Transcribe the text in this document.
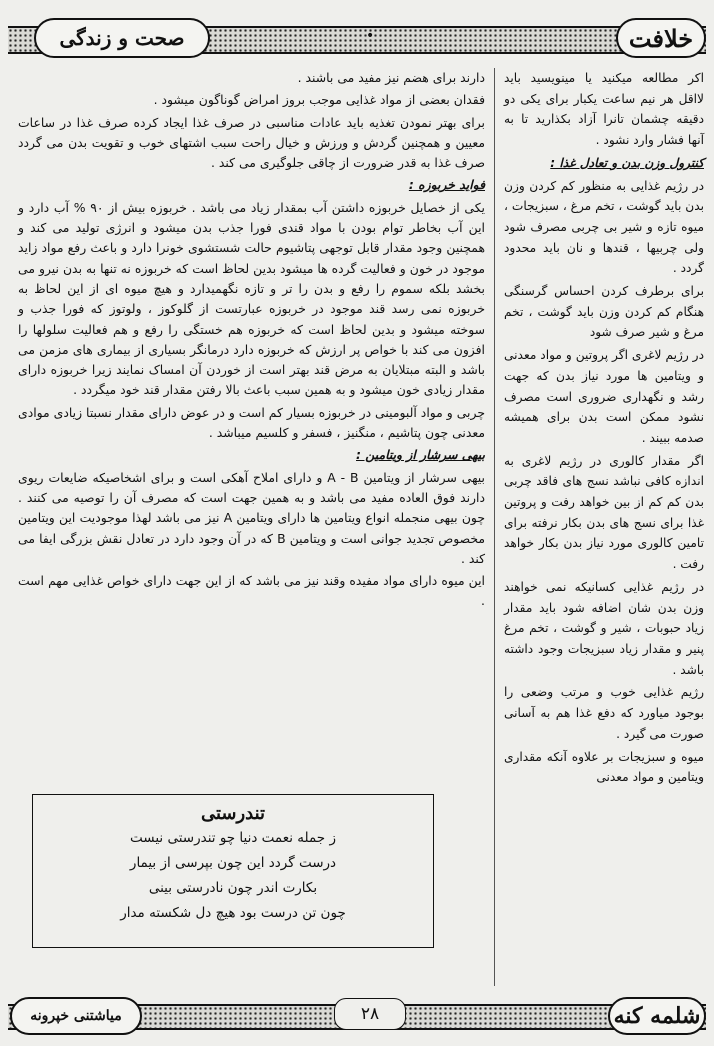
خلافت
صحت و زندگی	•

اکر مطالعه میکنید یا مینویسید باید لااقل هر نیم ساعت یکبار برای یکی دو دقیقه چشمان تانرا آزاد بکذارید تا به آنها فشار وارد نشود .

کنترول وزن بدن و تعادل غذا :

در رژیم غذایی به منظور کم کردن وزن بدن باید گوشت ، تخم مرغ ، سبزیجات ، میوه تازه و شیر بی چربی مصرف شود ولی چربیها ، قندها و نان باید محدود گردد .

برای برطرف کردن احساس گرسنگی هنگام کم کردن وزن باید گوشت ، تخم مرغ و شیر صرف شود

در رژیم لاغری اگر پروتین و مواد معدنی و ویتامین ها مورد نیاز بدن که جهت رشد و نگهداری ضروری است مصرف نشود ممکن است بدن برای همیشه صدمه ببیند .

اگر مقدار کالوری در رژیم لاغری به اندازه کافی نباشد نسج های فاقد چربی بدن کم کم از بین خواهد رفت و پروتین غذا برای نسج های بدن بکار نرفته برای تامین کالوری مورد نیاز بدن بکار خواهد رفت .

در رژیم غذایی کسانیکه نمی خواهند وزن بدن شان اضافه شود باید مقدار زیاد حبوبات ، شیر و گوشت ، تخم مرغ پنیر و مقدار زیاد سبزیجات وجود داشته باشد .

رژیم غذایی خوب و مرتب وضعی را بوجود میاورد که دفع غذا هم به آسانی صورت می گیرد .

میوه و سبزیجات بر علاوه آنکه مقداری ویتامین و مواد معدنی

دارند برای هضم نیز مفید می باشند .

فقدان بعضی از مواد غذایی موجب بروز امراض گوناگون میشود .

برای بهتر نمودن تغذیه باید عادات مناسبی در صرف غذا ایجاد کرده صرف غذا در ساعات معیین و همچنین گردش و ورزش و خیال راحت سبب اشتهای خوب و تقویت بدن می گردد صرف غذا به قدر ضرورت از چاقی جلوگیری می کند .

فواید خربوزه :

یکی از خصایل خربوزه داشتن آب بمقدار زیاد می باشد . خربوزه بیش از ۹۰ % آب دارد و این آب بخاطر توام بودن با مواد قندی فورا جذب بدن میشود و انرژی تولید می کند و همچنین وجود مقدار قابل توجهی پتاشیوم حالت شستشوی خونرا دارد و باعث رفع مواد زاید موجود در خون و فعالیت گرده ها میشود بدین لحاظ است که خربوزه نه تنها به بدن نیرو می بخشد بلکه سموم را رفع و بدن را تر و تازه نگهمیدارد و هیچ میوه ای از این لحاظ به خربوزه نمی رسد قند موجود در خربوزه عبارتست از گلوکوز ، ولوتوز که فورا جذب و سوخته میشود و بدین لحاظ است که خربوزه هم خستگی را رفع و هم فعالیت سلولها را افزون می کند با خواص پر ارزش که خربوزه دارد درمانگر بسیاری از بیماری های مزمن می باشد و البته مبتلایان به مرض قند بهتر است از خوردن آن امساک نمایند زیرا خربوزه دارای مقدار زیادی خون میشود و به همین سبب باعث بالا رفتن مقدار قند خود میگردد .

چربی و مواد آلبومینی در خربوزه بسیار کم است و در عوض دارای مقدار نسبتا زیادی موادی معدنی چون پتاشیم ، منگنیز ، فسفر و کلسیم میباشد .

بیهی سرشار از ویتامین :

بیهی سرشار از ویتامین A - B و دارای املاح آهکی است و برای اشخاصیکه ضایعات ریوی دارند فوق العاده مفید می باشد و به همین جهت است که مصرف آن را توصیه می کنند . چون بیهی منجمله انواع ویتامین ها دارای ویتامین A نیز می باشد لهذا موجودیت این ویتامین مخصوص تجدید جوانی است و ویتامین B که در آن وجود دارد در تعادل نقش بزرگی ایفا می کند .

این میوه دارای مواد مفیده وقند نیز می باشد که از این جهت دارای خواص غذایی مهم است .

تندرستی
ز جمله نعمت دنیا چو تندرستی نیست
درست گردد این چون بپرسی از بیمار
بکارت اندر چون نادرستی بینی
چون تن درست بود هیچ دل شکسته مدار
شلمه کنه
۲۸
میاشتنی خپرونه
